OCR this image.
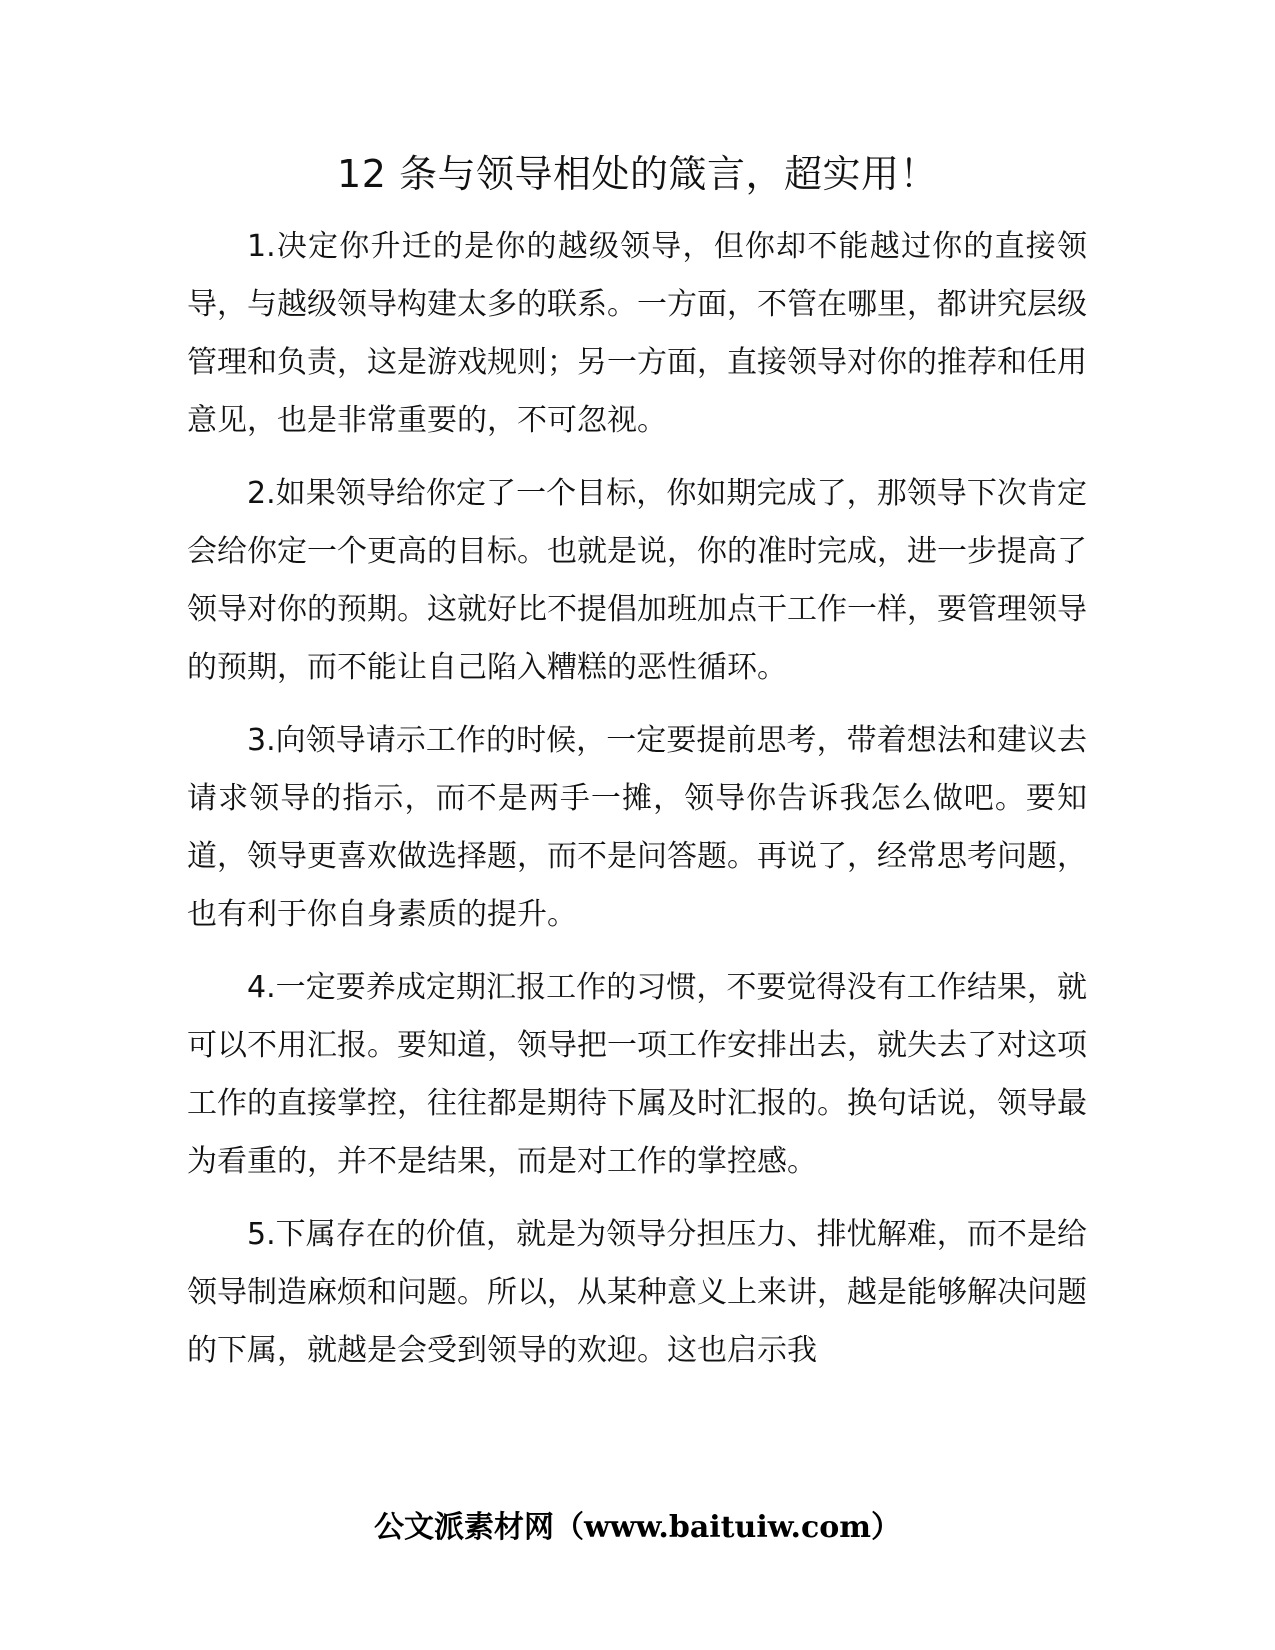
12 条与领导相处的箴言，超实用！

1.决定你升迁的是你的越级领导，但你却不能越过你的直接领导，与越级领导构建太多的联系。一方面，不管在哪里，都讲究层级管理和负责，这是游戏规则；另一方面，直接领导对你的推荐和任用意见，也是非常重要的，不可忽视。

2.如果领导给你定了一个目标，你如期完成了，那领导下次肯定会给你定一个更高的目标。也就是说，你的准时完成，进一步提高了领导对你的预期。这就好比不提倡加班加点干工作一样，要管理领导的预期，而不能让自己陷入糟糕的恶性循环。

3.向领导请示工作的时候，一定要提前思考，带着想法和建议去请求领导的指示，而不是两手一摊，领导你告诉我怎么做吧。要知道，领导更喜欢做选择题，而不是问答题。再说了，经常思考问题，也有利于你自身素质的提升。

4.一定要养成定期汇报工作的习惯，不要觉得没有工作结果，就可以不用汇报。要知道，领导把一项工作安排出去，就失去了对这项工作的直接掌控，往往都是期待下属及时汇报的。换句话说，领导最为看重的，并不是结果，而是对工作的掌控感。

5.下属存在的价值，就是为领导分担压力、排忧解难，而不是给领导制造麻烦和问题。所以，从某种意义上来讲，越是能够解决问题的下属，就越是会受到领导的欢迎。这也启示我

公文派素材网（www.baituiw.com）
